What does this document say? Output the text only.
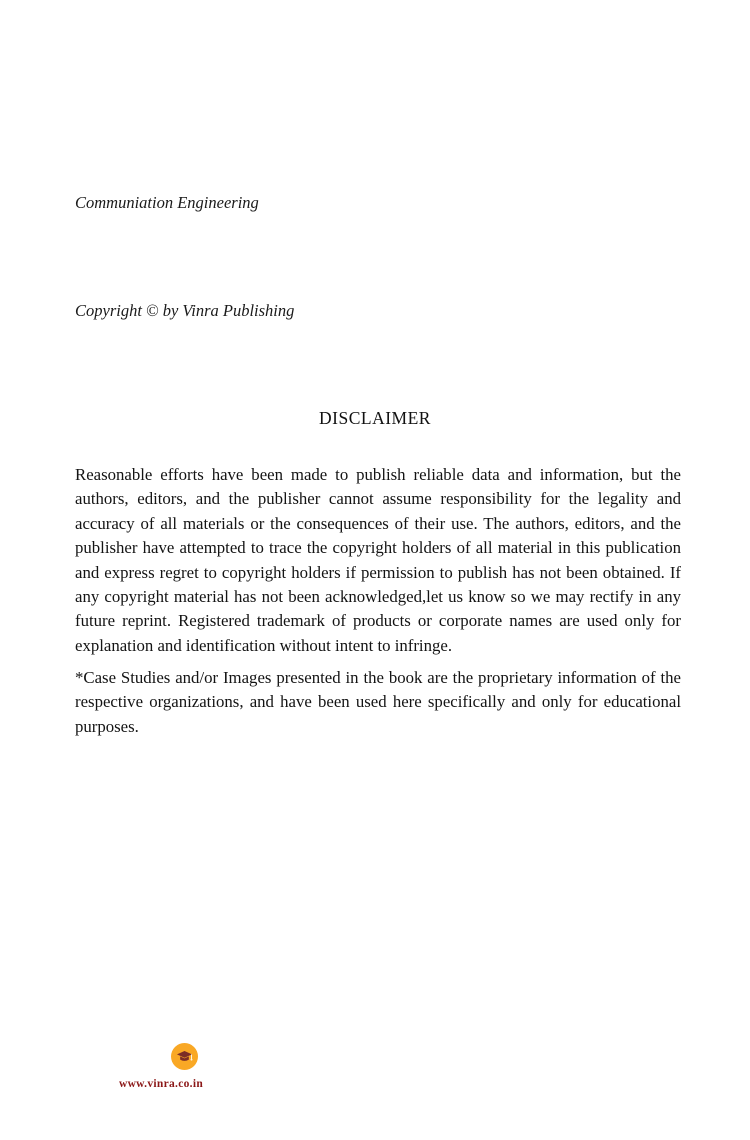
Communiation Engineering
Copyright © by Vinra Publishing
DISCLAIMER

Reasonable efforts have been made to publish reliable data and information, but the authors, editors, and the publisher cannot assume responsibility for the legality and accuracy of all materials or the consequences of their use. The authors, editors, and the publisher have attempted to trace the copyright holders of all material in this publication and express regret to copyright holders if permission to publish has not been obtained. If any copyright material has not been acknowledged,let us know so we may rectify in any future reprint. Registered trademark of products or corporate names are used only for explanation and identification without intent to infringe.

*Case Studies and/or Images presented in the book are the proprietary information of the respective organizations, and have been used here specifically and only for educational purposes.

www.vinra.co.in
